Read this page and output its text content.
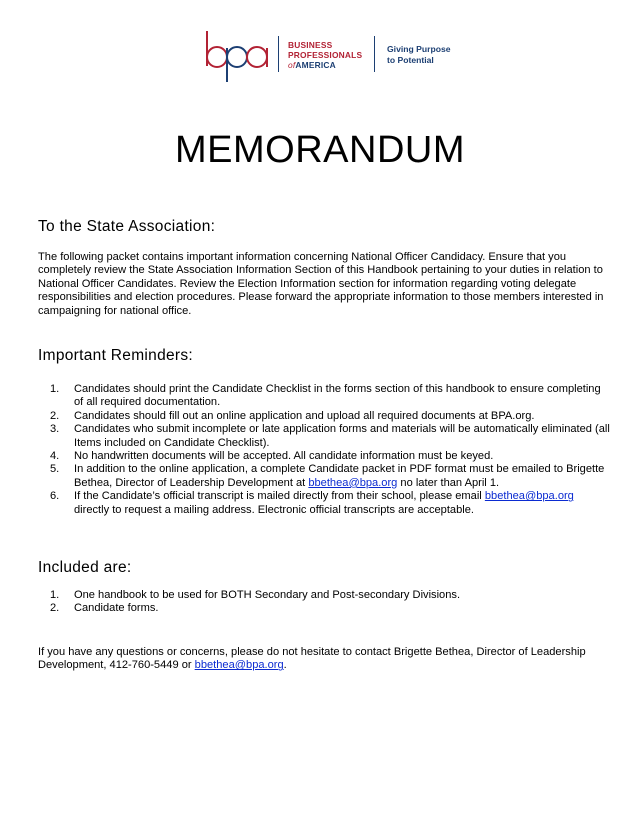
BUSINESS
PROFESSIONALS
ofAMERICA
Giving Purpose
to Potential
MEMORANDUM
To the State Association:
The following packet contains important information concerning National Officer Candidacy. Ensure that you completely review the State Association Information Section of this Handbook pertaining to your duties in relation to National Officer Candidates. Review the Election Information section for information regarding voting delegate responsibilities and election procedures. Please forward the appropriate information to those members interested in campaigning for national office.
Important Reminders:
1. Candidates should print the Candidate Checklist in the forms section of this handbook to ensure completing of all required documentation.
2. Candidates should fill out an online application and upload all required documents at BPA.org.
3. Candidates who submit incomplete or late application forms and materials will be automatically eliminated (all Items included on Candidate Checklist).
4. No handwritten documents will be accepted. All candidate information must be keyed.
5. In addition to the online application, a complete Candidate packet in PDF format must be emailed to Brigette Bethea, Director of Leadership Development at bbethea@bpa.org no later than April 1.
6. If the Candidate’s official transcript is mailed directly from their school, please email bbethea@bpa.org directly to request a mailing address. Electronic official transcripts are acceptable.
Included are:
1. One handbook to be used for BOTH Secondary and Post-secondary Divisions.
2. Candidate forms.
If you have any questions or concerns, please do not hesitate to contact Brigette Bethea, Director of Leadership Development, 412-760-5449 or bbethea@bpa.org.
